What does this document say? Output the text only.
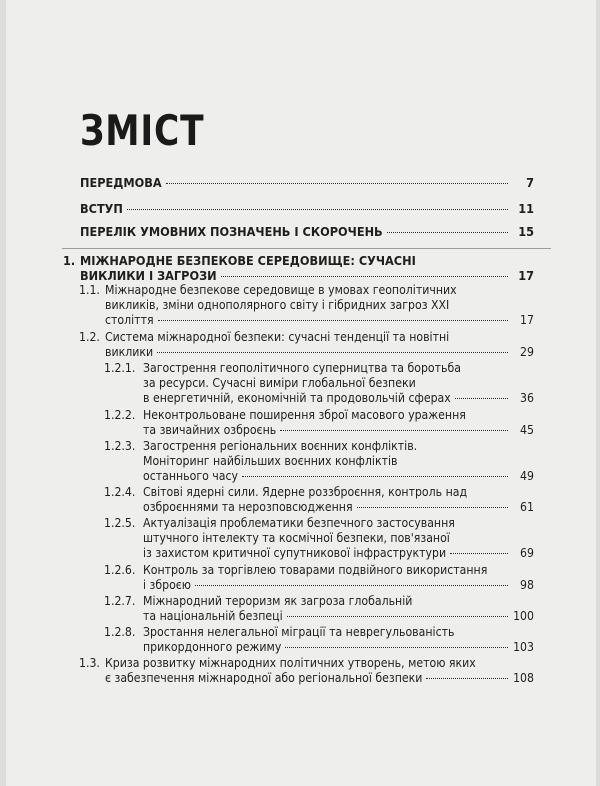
ЗМІСТ
ПЕРЕДМОВА	7
ВСТУП	11
ПЕРЕЛІК УМОВНИХ ПОЗНАЧЕНЬ І СКОРОЧЕНЬ	15
1. МІЖНАРОДНЕ БЕЗПЕКОВЕ СЕРЕДОВИЩЕ: СУЧАСНІ
ВИКЛИКИ І ЗАГРОЗИ	17
1.1. Міжнародне безпекове середовище в умовах геополітичних
викликів, зміни однополярного світу і гібридних загроз ХХІ
століття	17
1.2. Система міжнародної безпеки: сучасні тенденції та новітні
виклики	29
1.2.1. Загострення геополітичного суперництва та боротьба
за ресурси. Сучасні виміри глобальної безпеки
в енергетичній, економічній та продовольчій сферах	36
1.2.2. Неконтрольоване поширення зброї масового ураження
та звичайних озброєнь	45
1.2.3. Загострення регіональних воєнних конфліктів.
Моніторинг найбільших воєнних конфліктів
останнього часу	49
1.2.4. Світові ядерні сили. Ядерне роззброєння, контроль над
озброєннями та нерозповсюдження	61
1.2.5. Актуалізація проблематики безпечного застосування
штучного інтелекту та космічної безпеки, пов'язаної
із захистом критичної супутникової інфраструктури	69
1.2.6. Контроль за торгівлею товарами подвійного використання
і зброєю	98
1.2.7. Міжнародний тероризм як загроза глобальній
та національній безпеці	100
1.2.8. Зростання нелегальної міграції та неврегульованість
прикордонного режиму	103
1.3. Криза розвитку міжнародних політичних утворень, метою яких
є забезпечення міжнародної або регіональної безпеки	108
